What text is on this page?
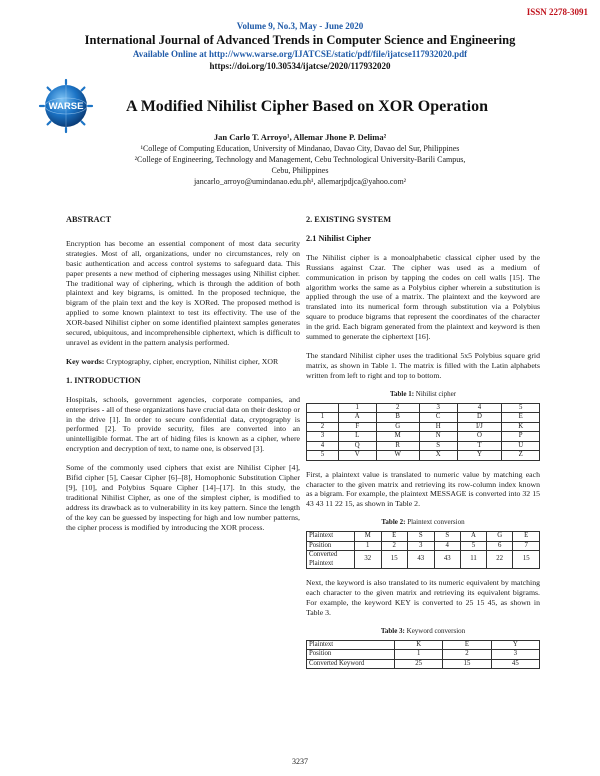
ISSN 2278-3091
Volume 9, No.3, May - June 2020
International Journal of Advanced Trends in Computer Science and Engineering
Available Online at http://www.warse.org/IJATCSE/static/pdf/file/ijatcse117932020.pdf
https://doi.org/10.30534/ijatcse/2020/117932020
WARSE	A Modified Nihilist Cipher Based on XOR Operation
Jan Carlo T. Arroyo¹, Allemar Jhone P. Delima²
¹College of Computing Education, University of Mindanao, Davao City, Davao del Sur, Philippines
²College of Engineering, Technology and Management, Cebu Technological University-Barili Campus,
Cebu, Philippines
jancarlo_arroyo@umindanao.edu.ph¹, allemarjpdjca@yahoo.com²
ABSTRACT

Encryption has become an essential component of most data security strategies. Most of all, organizations, under no circumstances, rely on basic authentication and access control systems to safeguard data. This paper presents a new method of ciphering messages using Nihilist cipher. The traditional way of ciphering, which is through the addition of both plaintext and key bigrams, is omitted. In the proposed technique, the bigram of the plain text and the key is XORed. The proposed method is applied to some known plaintext to test its effectivity. The use of the XOR-based Nihilist cipher on some identified plaintext samples generates secured, ubiquitous, and incomprehensible ciphertext, which is difficult to unravel as evident in the pattern analysis performed.

Key words: Cryptography, cipher, encryption, Nihilist cipher, XOR

1. INTRODUCTION

Hospitals, schools, government agencies, corporate companies, and enterprises - all of these organizations have crucial data on their desktop or in the drive [1]. In order to secure confidential data, cryptography is performed [2]. To provide security, files are converted into an unintelligible format. The art of hiding files is known as a cipher, where encryption and decryption of text, to name one, is observed [3].

Some of the commonly used ciphers that exist are Nihilist Cipher [4], Bifid cipher [5], Caesar Cipher [6]–[8], Homophonic Substitution Cipher [9], [10], and Polybius Square Cipher [14]–[17]. In this study, the traditional Nihilist Cipher, as one of the simplest cipher, is modified to address its drawback as to vulnerability in its key pattern. Since the length of the key can be guessed by inspecting for high and low number patterns, the cipher process is modified by introducing the XOR process.

2. EXISTING SYSTEM
2.1 Nihilist Cipher

The Nihilist cipher is a monoalphabetic classical cipher used by the Russians against Czar. The cipher was used as a medium of communication in prison by tapping the codes on cell walls [15]. The algorithm works the same as a Polybius cipher wherein a substitution is applied through the use of a matrix. The plaintext and the keyword are translated into its numerical form through substitution via a Polybius square to produce bigrams that represent the coordinates of the character in the grid. Each bigram generated from the plaintext and keyword is then summed to generate the ciphertext [16].

The standard Nihilist cipher uses the traditional 5x5 Polybius square grid matrix, as shown in Table 1. The matrix is filled with the Latin alphabets written from left to right and top to bottom.

Table 1: Nihilist cipher
	1	2	3	4	5
1	A	B	C	D	E
2	F	G	H	I/J	K
3	L	M	N	O	P
4	Q	R	S	T	U
5	V	W	X	Y	Z

First, a plaintext value is translated to numeric value by matching each character to the given matrix and retrieving its row-column index known as a bigram. For example, the plaintext MESSAGE is converted into 32 15 43 43 11 22 15, as shown in Table 2.

Table 2: Plaintext conversion
Plaintext	M	E	S	S	A	G	E
Position	1	2	3	4	5	6	7
Converted Plaintext	32	15	43	43	11	22	15

Next, the keyword is also translated to its numeric equivalent by matching each character to the given matrix and retrieving its equivalent bigrams. For example, the keyword KEY is converted to 25 15 45, as shown in Table 3.

Table 3: Keyword conversion
Plaintext	K	E	Y
Position	1	2	3
Converted Keyword	25	15	45
3237
